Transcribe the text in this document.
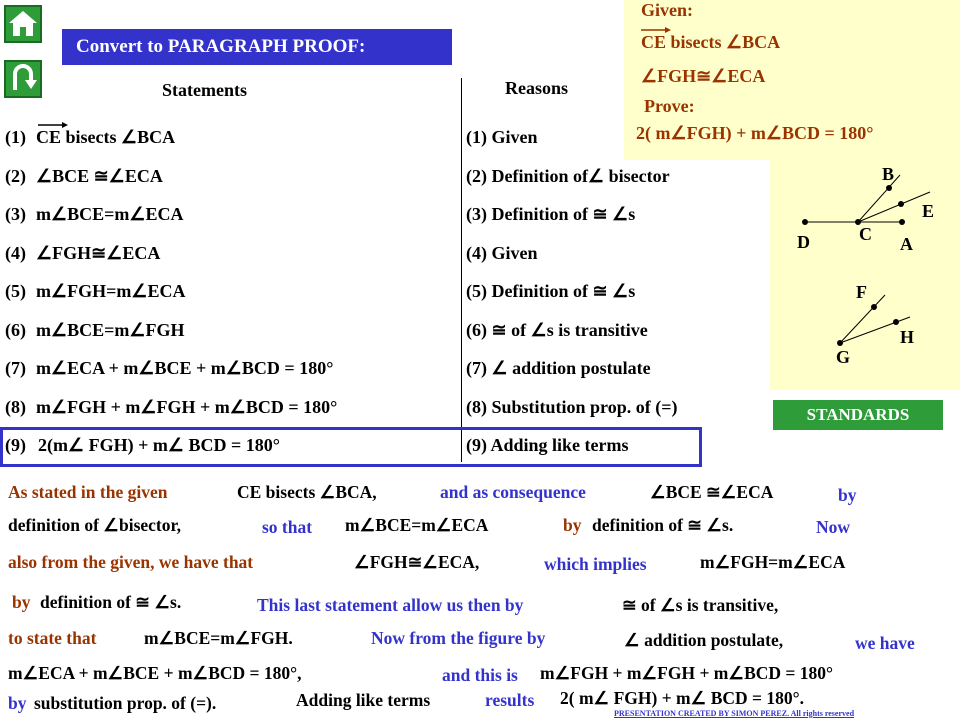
Convert to PARAGRAPH PROOF:
Given:
CE bisects ∠BCA
∠FGH≅∠ECA
Prove:
2( m∠FGH) + m∠BCD = 180°
B
E
D	C A
F
H
G
STANDARDS
Statements	Reasons
(1) CE bisects ∠BCA	(1) Given
(2) ∠BCE ≅∠ECA	(2) Definition of∠ bisector
(3) m∠BCE=m∠ECA	(3) Definition of ≅ ∠s
(4) ∠FGH≅∠ECA	(4) Given
(5) m∠FGH=m∠ECA	(5) Definition of ≅ ∠s
(6) m∠BCE=m∠FGH	(6) ≅ of ∠s is transitive
(7) m∠ECA + m∠BCE + m∠BCD = 180°	(7) ∠ addition postulate
(8) m∠FGH + m∠FGH + m∠BCD = 180°	(8) Substitution prop. of (=)
(9) 2(m∠ FGH) + m∠ BCD = 180°	(9) Adding like terms
As stated in the given	CE bisects ∠BCA,	and as consequence	∠BCE ≅∠ECA	by
definition of ∠bisector,	so that m∠BCE=m∠ECA	by definition of ≅ ∠s.	Now
also from the given, we have that	∠FGH≅∠ECA,	which implies	m∠FGH=m∠ECA
by definition of ≅ ∠s.	This last statement allow us then by	≅ of ∠s is transitive,
to state that	m∠BCE=m∠FGH.	Now from the figure by	∠ addition postulate,	we have
m∠ECA + m∠BCE + m∠BCD = 180°,	and this is m∠FGH + m∠FGH + m∠BCD = 180°
by substitution prop. of (=).	Adding like terms	results 2( m∠ FGH) + m∠ BCD = 180°.
PRESENTATION CREATED BY SIMON PEREZ. All rights reserved
